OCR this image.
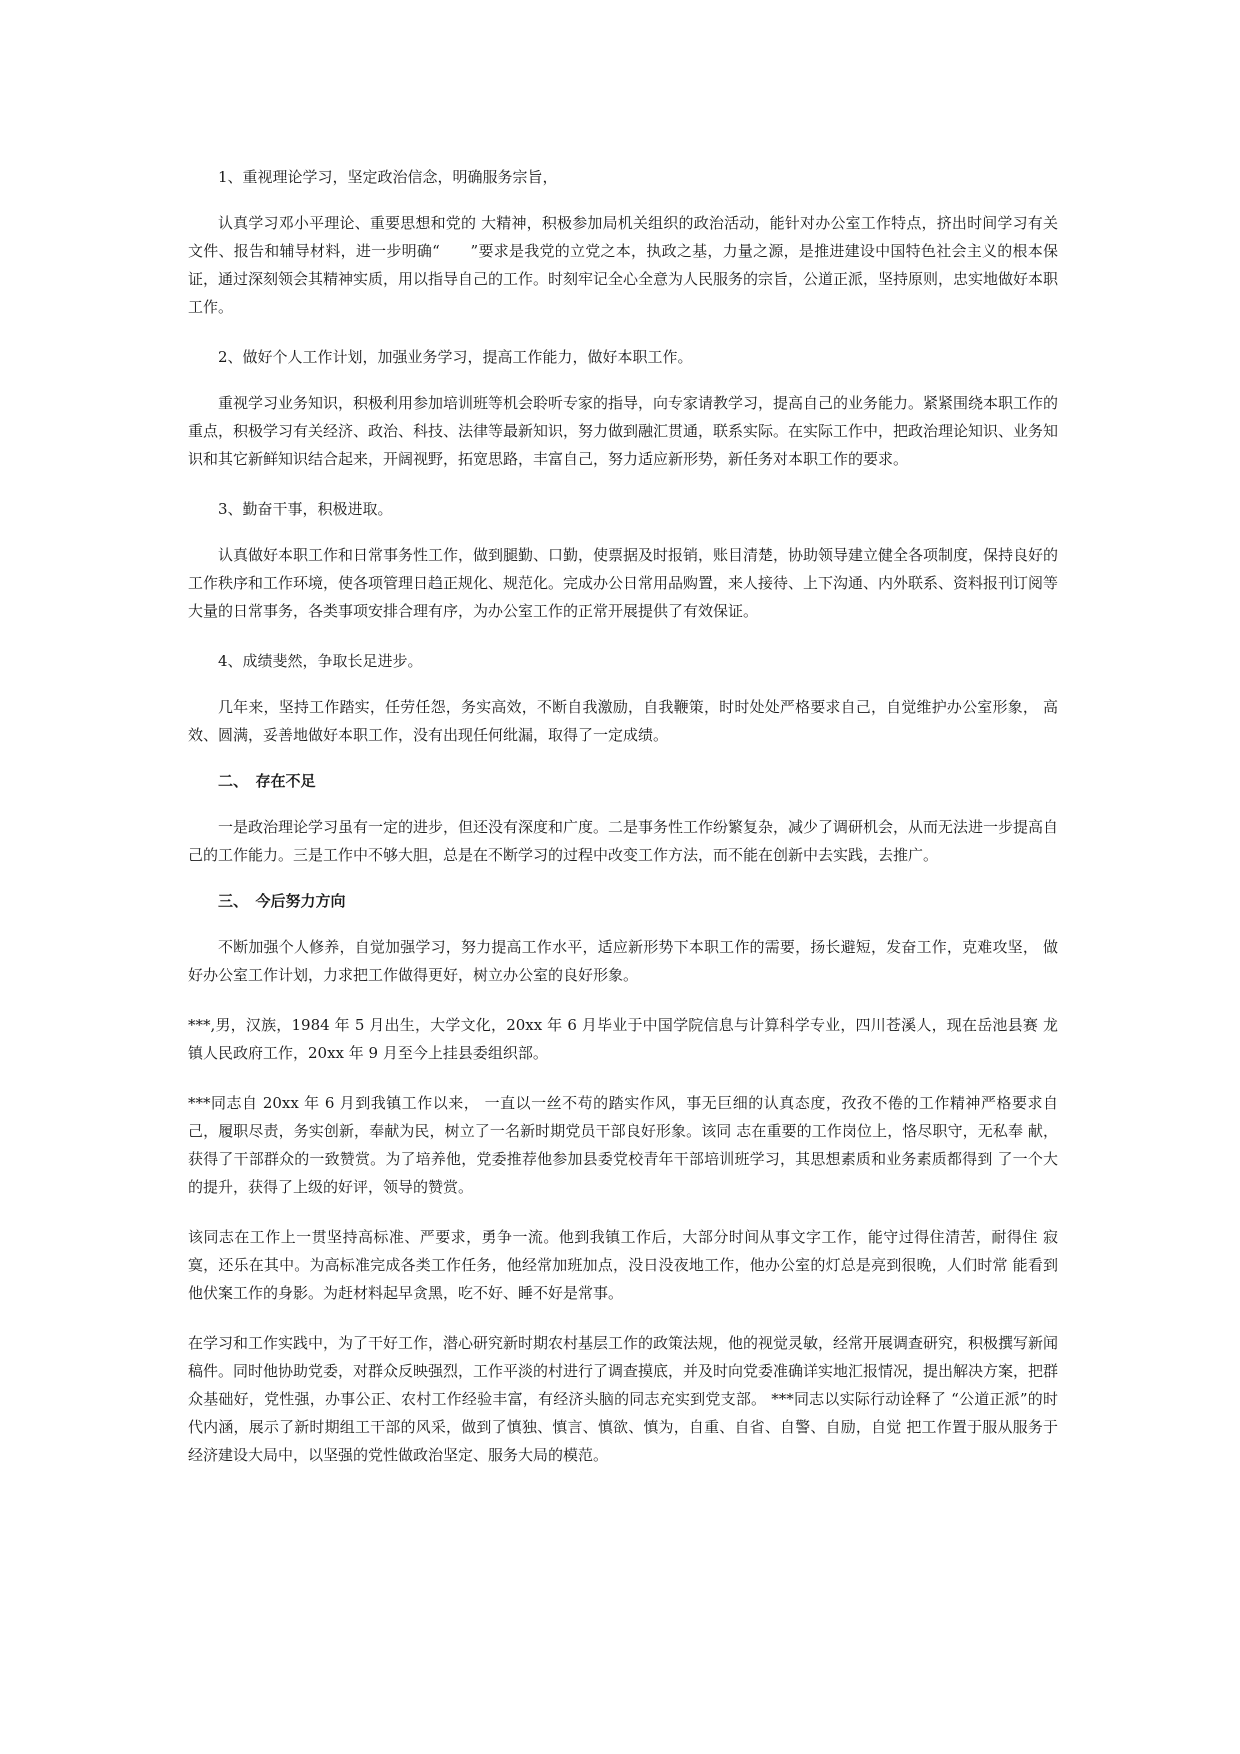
1、重视理论学习，坚定政治信念，明确服务宗旨，

认真学习邓小平理论、重要思想和党的 大精神，积极参加局机关组织的政治活动，能针对办公室工作特点，挤出时间学习有关文件、报告和辅导材料，进一步明确“　　”要求是我党的立党之本，执政之基，力量之源，是推进建设中国特色社会主义的根本保证，通过深刻领会其精神实质，用以指导自己的工作。时刻牢记全心全意为人民服务的宗旨，公道正派，坚持原则，忠实地做好本职工作。

2、做好个人工作计划，加强业务学习，提高工作能力，做好本职工作。

重视学习业务知识，积极利用参加培训班等机会聆听专家的指导，向专家请教学习，提高自己的业务能力。紧紧围绕本职工作的重点，积极学习有关经济、政治、科技、法律等最新知识，努力做到融汇贯通，联系实际。在实际工作中，把政治理论知识、业务知识和其它新鲜知识结合起来，开阔视野，拓宽思路，丰富自己，努力适应新形势，新任务对本职工作的要求。

3、勤奋干事，积极进取。

认真做好本职工作和日常事务性工作，做到腿勤、口勤，使票据及时报销，账目清楚，协助领导建立健全各项制度，保持良好的工作秩序和工作环境，使各项管理日趋正规化、规范化。完成办公日常用品购置，来人接待、上下沟通、内外联系、资料报刊订阅等大量的日常事务，各类事项安排合理有序，为办公室工作的正常开展提供了有效保证。

4、成绩斐然，争取长足进步。

几年来，坚持工作踏实，任劳任怨，务实高效，不断自我激励，自我鞭策，时时处处严格要求自己，自觉维护办公室形象， 高效、圆满，妥善地做好本职工作，没有出现任何纰漏，取得了一定成绩。

二、　存在不足

一是政治理论学习虽有一定的进步，但还没有深度和广度。二是事务性工作纷繁复杂，减少了调研机会，从而无法进一步提高自己的工作能力。三是工作中不够大胆，总是在不断学习的过程中改变工作方法，而不能在创新中去实践，去推广。

三、　今后努力方向

不断加强个人修养，自觉加强学习，努力提高工作水平，适应新形势下本职工作的需要，扬长避短，发奋工作，克难攻坚， 做好办公室工作计划，力求把工作做得更好，树立办公室的良好形象。

***,男，汉族，1984 年 5 月出生，大学文化，20xx 年 6 月毕业于中国学院信息与计算科学专业，四川苍溪人，现在岳池县赛 龙镇人民政府工作，20xx 年 9 月至今上挂县委组织部。

***同志自 20xx 年 6 月到我镇工作以来， 一直以一丝不苟的踏实作风，事无巨细的认真态度，孜孜不倦的工作精神严格要求自 己，履职尽责，务实创新，奉献为民，树立了一名新时期党员干部良好形象。该同 志在重要的工作岗位上，恪尽职守，无私奉 献，获得了干部群众的一致赞赏。为了培养他，党委推荐他参加县委党校青年干部培训班学习，其思想素质和业务素质都得到 了一个大的提升，获得了上级的好评，领导的赞赏。

该同志在工作上一贯坚持高标准、严要求，勇争一流。他到我镇工作后，大部分时间从事文字工作，能守过得住清苦，耐得住 寂寞，还乐在其中。为高标准完成各类工作任务，他经常加班加点，没日没夜地工作，他办公室的灯总是亮到很晚，人们时常 能看到他伏案工作的身影。为赶材料起早贪黑，吃不好、睡不好是常事。

在学习和工作实践中，为了干好工作，潜心研究新时期农村基层工作的政策法规，他的视觉灵敏，经常开展调查研究，积极撰写新闻稿件。同时他协助党委，对群众反映强烈，工作平淡的村进行了调查摸底，并及时向党委准确详实地汇报情况，提出解决方案，把群众基础好，党性强，办事公正、农村工作经验丰富，有经济头脑的同志充实到党支部。 ***同志以实际行动诠释了 “公道正派”的时代内涵，展示了新时期组工干部的风采，做到了慎独、慎言、慎欲、慎为，自重、自省、自警、自励，自觉 把工作置于服从服务于经济建设大局中，以坚强的党性做政治坚定、服务大局的模范。
